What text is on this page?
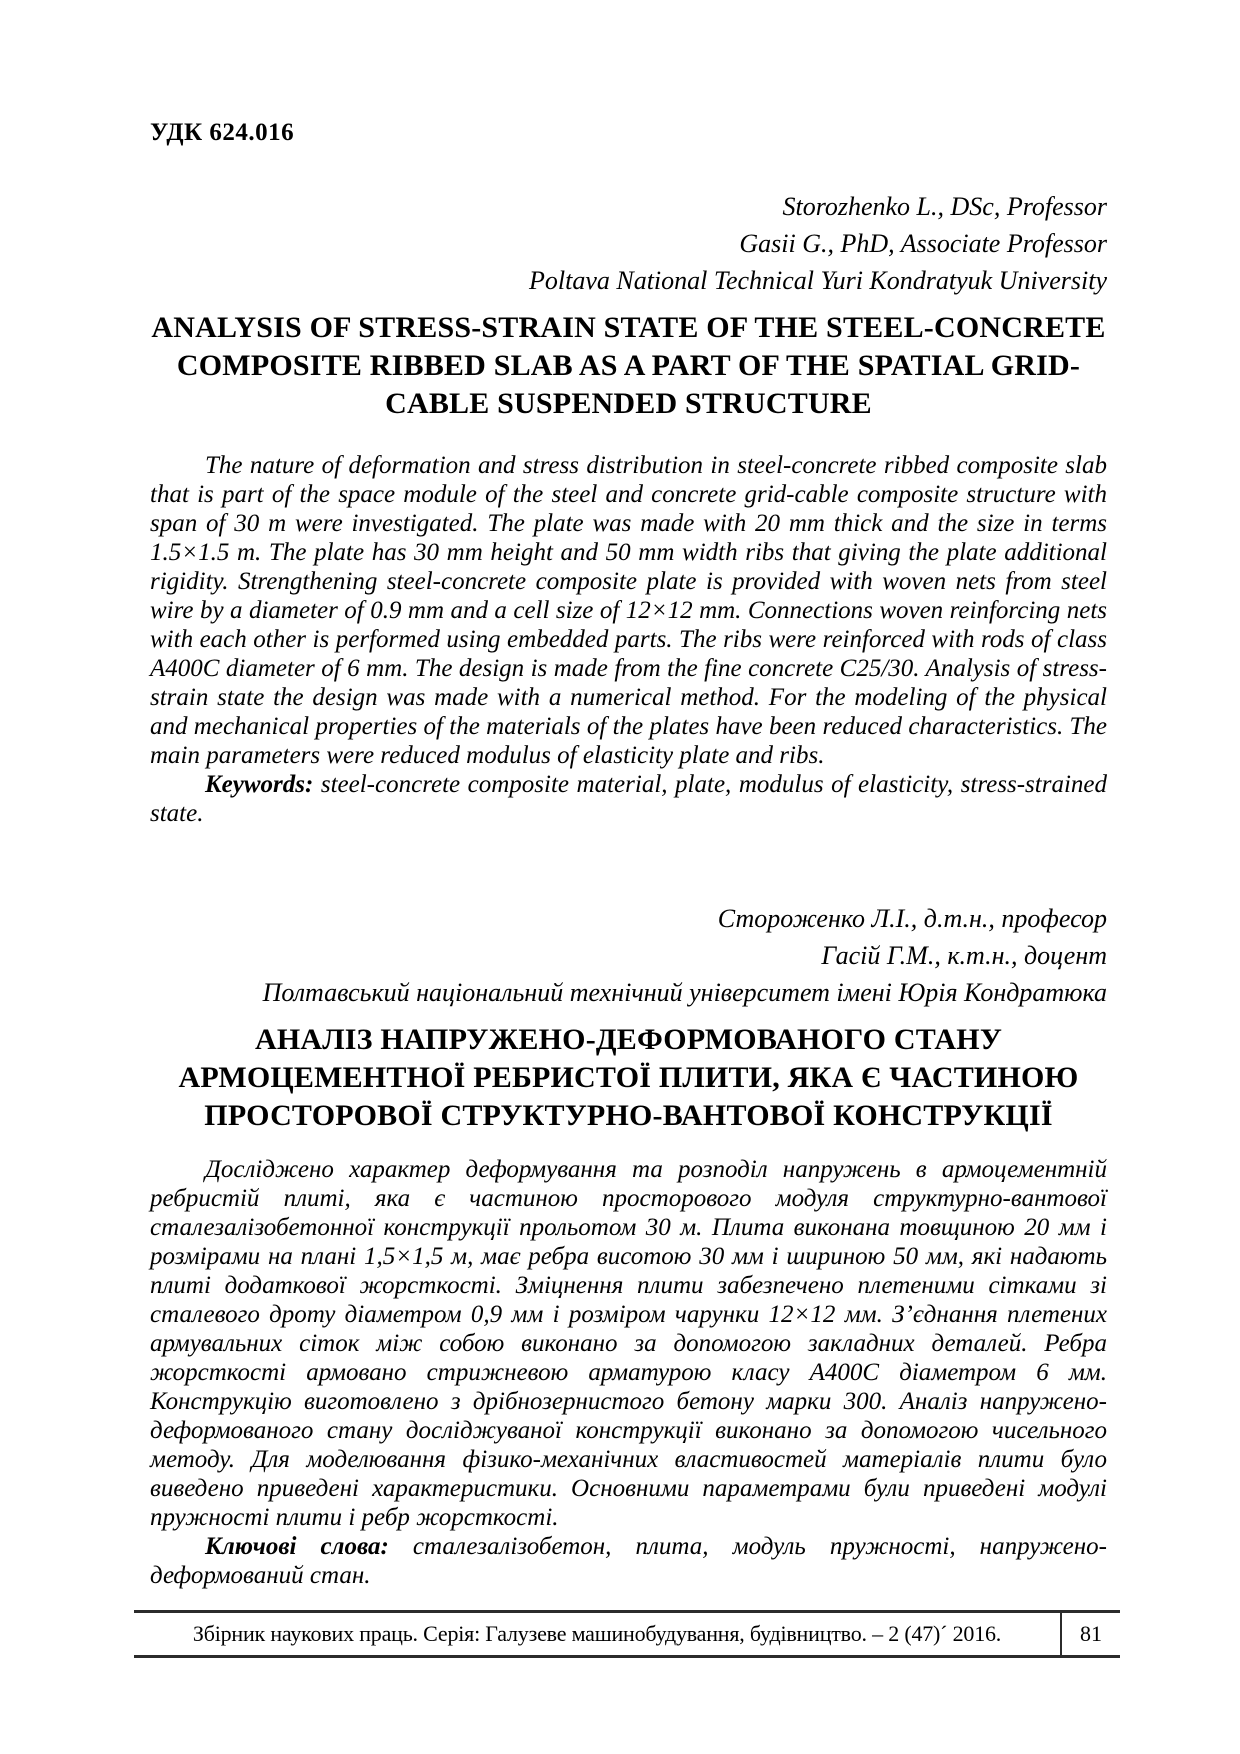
УДК 624.016
Storozhenko L., DSc, Professor
Gasii G., PhD, Associate Professor
Poltava National Technical Yuri Kondratyuk University
ANALYSIS OF STRESS-STRAIN STATE OF THE STEEL-CONCRETE
COMPOSITE RIBBED SLAB AS A PART OF THE SPATIAL GRID-
CABLE SUSPENDED STRUCTURE

The nature of deformation and stress distribution in steel-concrete ribbed composite slab that is part of the space module of the steel and concrete grid-cable composite structure with span of 30 m were investigated. The plate was made with 20 mm thick and the size in terms 1.5×1.5 m. The plate has 30 mm height and 50 mm width ribs that giving the plate additional rigidity. Strengthening steel-concrete composite plate is provided with woven nets from steel wire by a diameter of 0.9 mm and a cell size of 12×12 mm. Connections woven reinforcing nets with each other is performed using embedded parts. The ribs were reinforced with rods of class A400C diameter of 6 mm. The design is made from the fine concrete C25/30. Analysis of stress-strain state the design was made with a numerical method. For the modeling of the physical and mechanical properties of the materials of the plates have been reduced characteristics. The main parameters were reduced modulus of elasticity plate and ribs.

Keywords: steel-concrete composite material, plate, modulus of elasticity, stress-strained state.

Стороженко Л.І., д.т.н., професор
Гасій Г.М., к.т.н., доцент
Полтавський національний технічний університет імені Юрія Кондратюка
АНАЛІЗ НАПРУЖЕНО-ДЕФОРМОВАНОГО СТАНУ
АРМОЦЕМЕНТНОЇ РЕБРИСТОЇ ПЛИТИ, ЯКА Є ЧАСТИНОЮ
ПРОСТОРОВОЇ СТРУКТУРНО-ВАНТОВОЇ КОНСТРУКЦІЇ

Досліджено характер деформування та розподіл напружень в армоцементній ребристій плиті, яка є частиною просторового модуля структурно-вантової сталезалізобетонної конструкції прольотом 30 м. Плита виконана товщиною 20 мм і розмірами на плані 1,5×1,5 м, має ребра висотою 30 мм і шириною 50 мм, які надають плиті додаткової жорсткості. Зміцнення плити забезпечено плетеними сітками зі сталевого дроту діаметром 0,9 мм і розміром чарунки 12×12 мм. З’єднання плетених армувальних сіток між собою виконано за допомогою закладних деталей. Ребра жорсткості армовано стрижневою арматурою класу А400С діаметром 6 мм. Конструкцію виготовлено з дрібнозернистого бетону марки 300. Аналіз напружено-деформованого стану досліджуваної конструкції виконано за допомогою чисельного методу. Для моделювання фізико-механічних властивостей матеріалів плити було виведено приведені характеристики. Основними параметрами були приведені модулі пружності плити і ребр жорсткості.

Ключові слова: сталезалізобетон, плита, модуль пружності, напружено-деформований стан.

Збірник наукових праць. Серія: Галузеве машинобудування, будівництво. – 2 (47)´ 2016.	81
